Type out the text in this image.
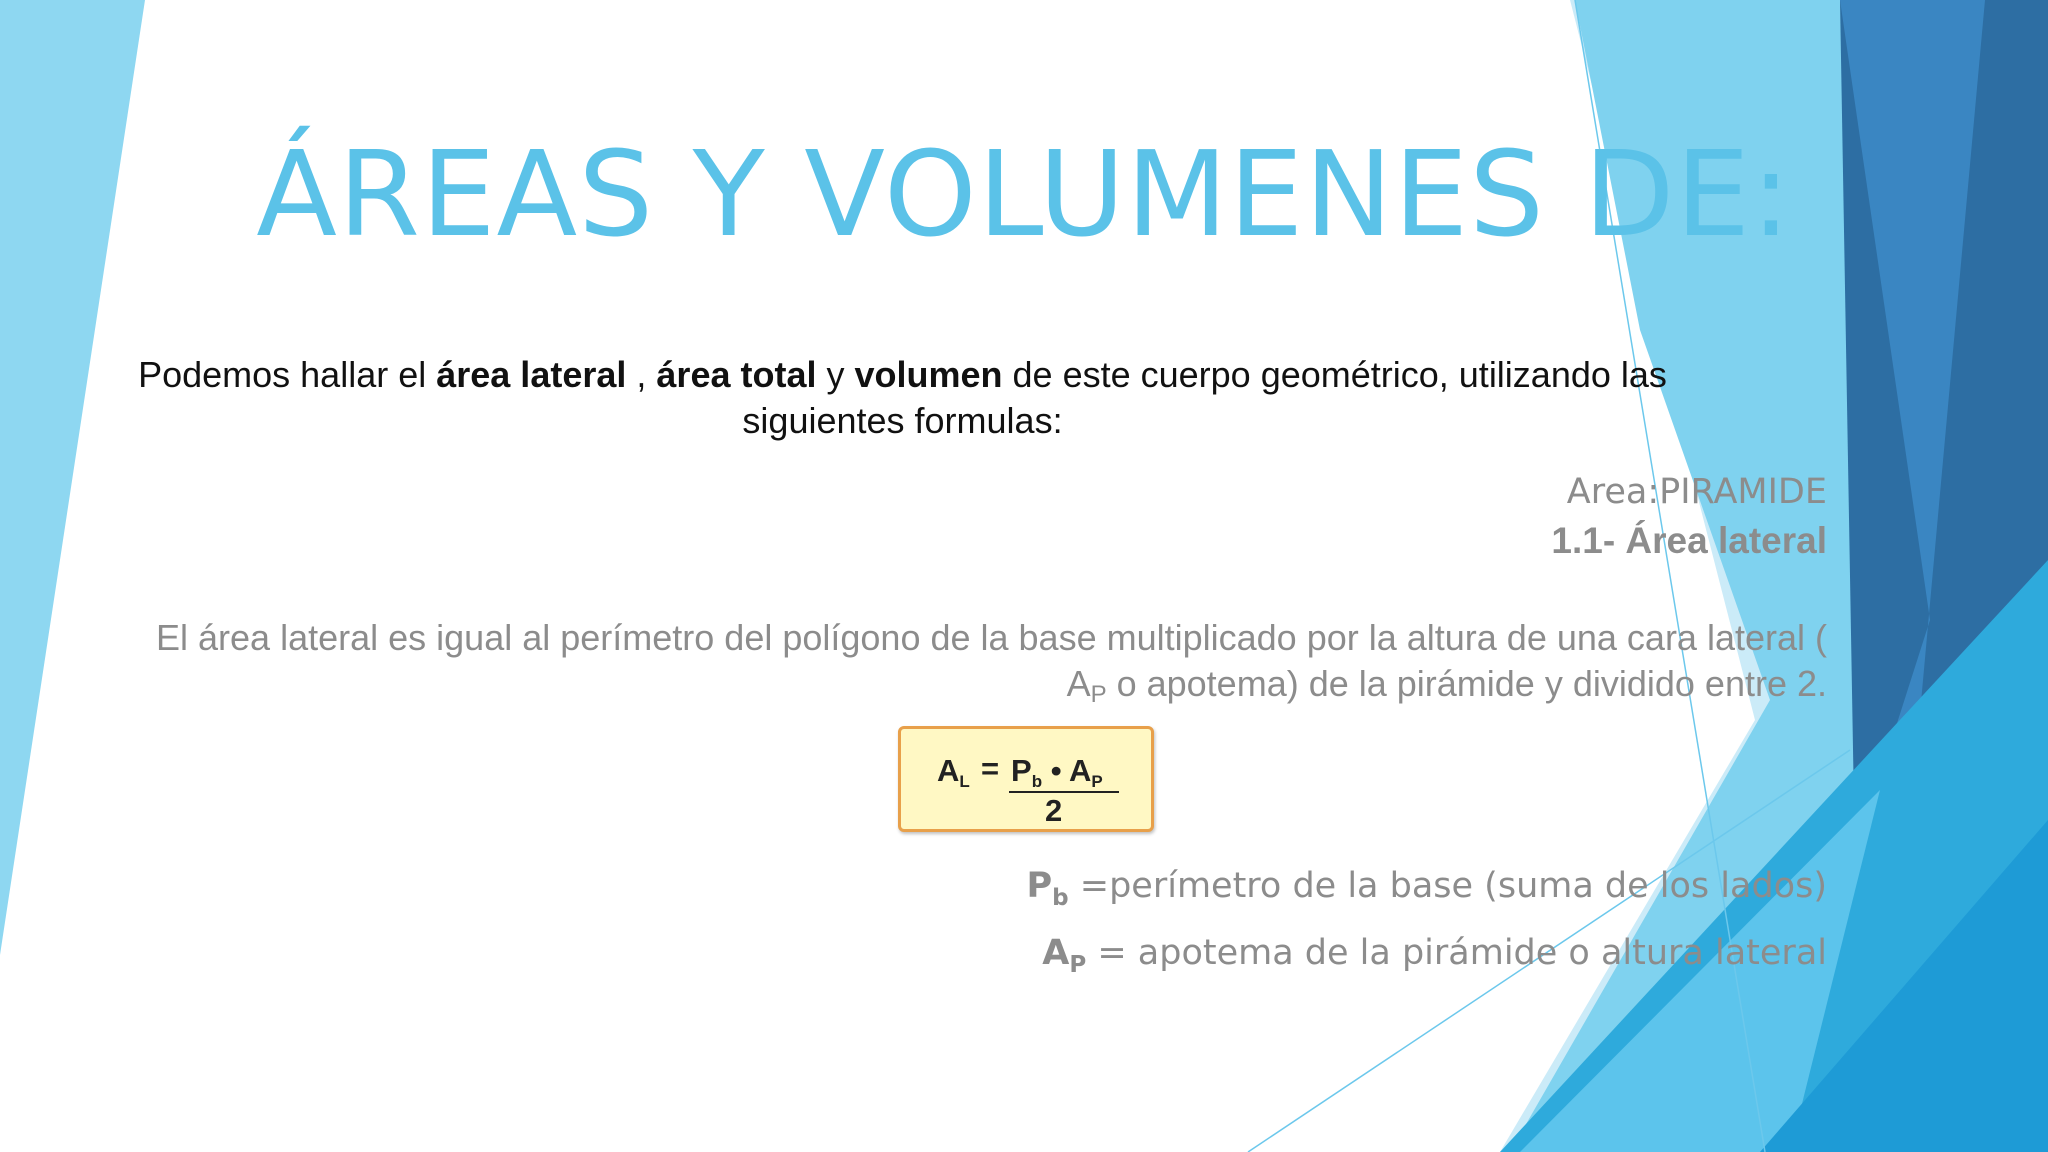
ÁREAS Y VOLUMENES DE:
Podemos hallar el área lateral , área total y volumen de este cuerpo geométrico, utilizando las siguientes formulas:
Area:PIRAMIDE
1.1- Área lateral
El área lateral es igual al perímetro del polígono de la base multiplicado por la altura de una cara lateral ( $A_P$ o apotema) de la pirámide y dividido entre 2.
$A_L = P_b$ • $A_P$
2
$P_b$ =perímetro de la base (suma de los lados)
$A_P$ = apotema de la pirámide o altura lateral
